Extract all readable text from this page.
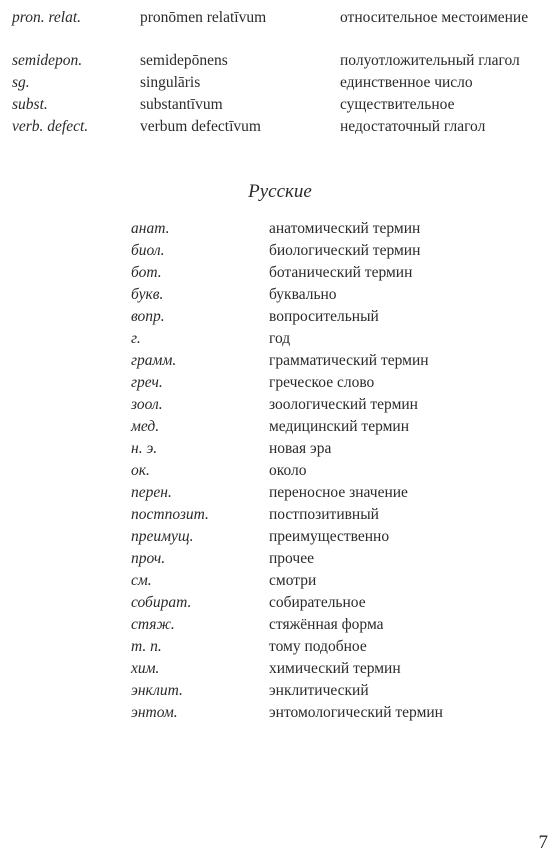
pron. relat.	pronōmen relatīvum	относительное местоимение
semidepon.	semidepōnens	полуотложительный глагол
sg.	singulāris	единственное число
subst.	substantīvum	существительное
verb. defect.	verbum defectīvum	недостаточный глагол
Русские
анат.	анатомический термин
биол.	биологический термин
бот.	ботанический термин
букв.	буквально
вопр.	вопросительный
г.	год
грамм.	грамматический термин
греч.	греческое слово
зоол.	зоологический термин
мед.	медицинский термин
н. э.	новая эра
ок.	около
перен.	переносное значение
постпозит.	постпозитивный
преимущ.	преимущественно
проч.	прочее
см.	смотри
собират.	собирательное
стяж.	стяжённая форма
т. п.	тому подобное
хим.	химический термин
энклит.	энклитический
энтом.	энтомологический термин
7
